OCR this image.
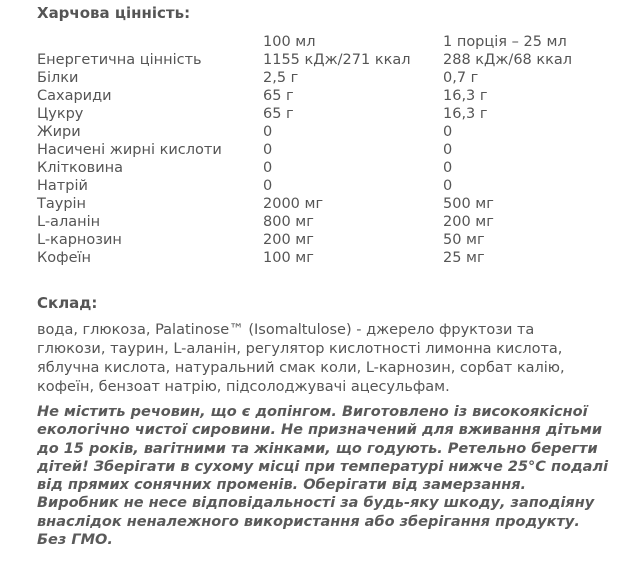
Харчова цінність:
	100 мл	1 порція – 25 мл
Енергетична цінність	1155 кДж/271 ккал	288 кДж/68 ккал
Білки	2,5 г	0,7 г
Сахариди	65 г	16,3 г
Цукру	65 г	16,3 г
Жири	0	0
Насичені жирні кислоти	0	0
Клітковина	0	0
Натрій	0	0
Таурін	2000 мг	500 мг
L-аланін	800 мг	200 мг
L-карнозин	200 мг	50 мг
Кофеїн	100 мг	25 мг
Склад:

вода, глюкоза, Palatinose™ (Isomaltulose) - джерело фруктози та глюкози, таурин, L-аланін, регулятор кислотності лимонна кислота, яблучна кислота, натуральний смак коли, L-карнозин, сорбат калію, кофеїн, бензоат натрію, підсолоджувачі ацесульфам.

Не містить речовин, що є допінгом. Виготовлено із високоякісної екологічно чистої сировини. Не призначений для вживання дітьми до 15 років, вагітними та жінками, що годують. Ретельно берегти дітей! Зберігати в сухому місці при температурі нижче 25°C подалі від прямих сонячних променів. Оберігати від замерзання. Виробник не несе відповідальності за будь-яку шкоду, заподіяну внаслідок неналежного використання або зберігання продукту. Без ГМО.
